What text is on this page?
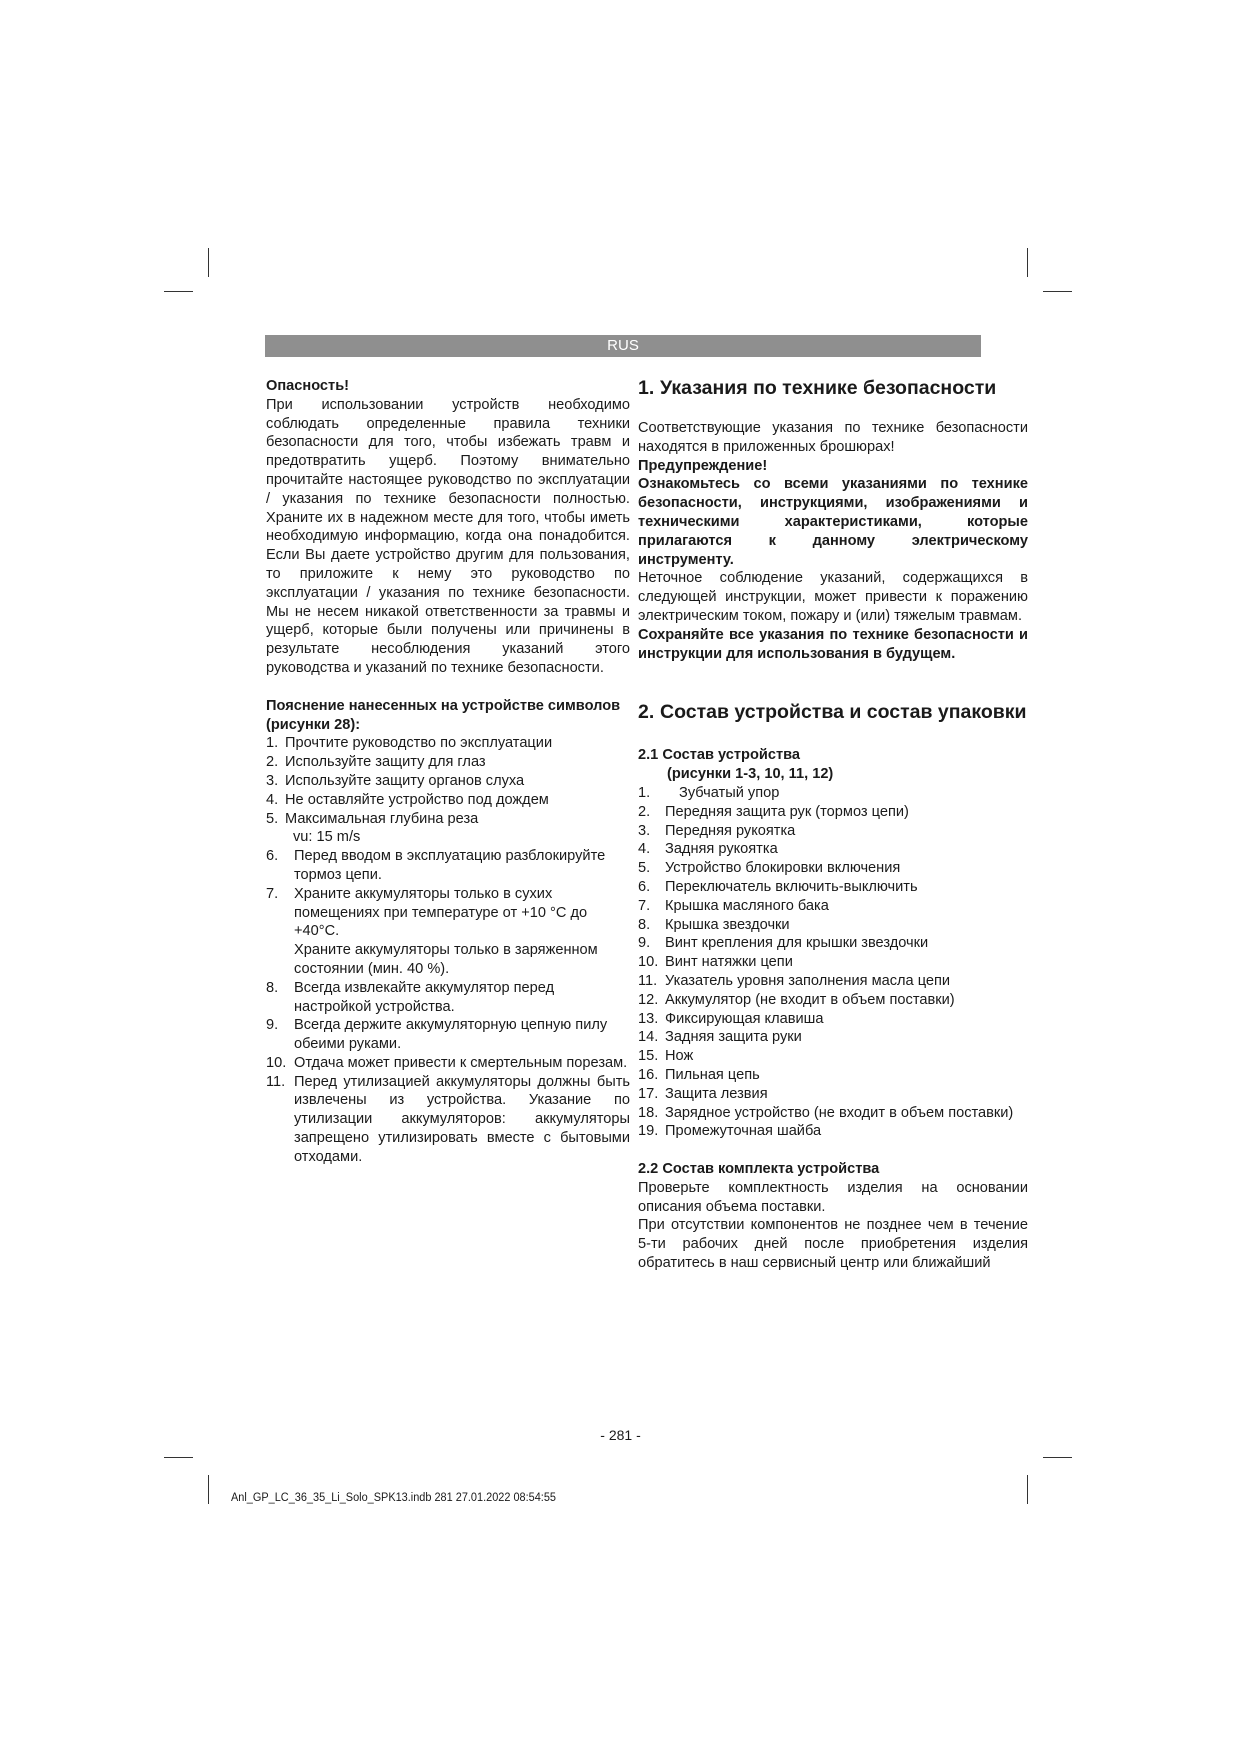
RUS

Опасность!

При использовании устройств необходимо соблюдать определенные правила техники безопасности для того, чтобы избежать травм и предотвратить ущерб. Поэтому внимательно прочитайте настоящее руководство по эксплуатации / указания по технике безопасности полностью. Храните их в надежном месте для того, чтобы иметь необходимую информацию, когда она понадобится. Если Вы даете устройство другим для пользования, то приложите к нему это руководство по эксплуатации / указания по технике безопасности. Мы не несем никакой ответственности за травмы и ущерб, которые были получены или причинены в результате несоблюдения указаний этого руководства и указаний по технике безопасности.

Пояснение нанесенных на устройстве символов (рисунки 28):

1. Прочтите руководство по эксплуатации
2. Используйте защиту для глаз
3. Используйте защиту органов слуха
4. Не оставляйте устройство под дождем
5. Максимальная глубина реза
vu: 15 m/s
6. Перед вводом в эксплуатацию разблокируйте тормоз цепи.
7. Храните аккумуляторы только в сухих помещениях при температуре от +10 °C до +40°C.
Храните аккумуляторы только в заряженном состоянии (мин. 40 %).
8. Всегда извлекайте аккумулятор перед настройкой устройства.
9. Всегда держите аккумуляторную цепную пилу обеими руками.
10. Отдача может привести к смертельным порезам.
11. Перед утилизацией аккумуляторы должны быть извлечены из устройства. Указание по утилизации аккумуляторов: аккумуляторы запрещено утилизировать вместе с бытовыми отходами.
1. Указания по технике безопасности

Соответствующие указания по технике безопасности находятся в приложенных брошюрах!

Предупреждение!

Ознакомьтесь со всеми указаниями по технике безопасности, инструкциями, изображениями и техническими характеристиками, которые прилагаются к данному электрическому инструменту.

Неточное соблюдение указаний, содержащихся в следующей инструкции, может привести к поражению электрическим током, пожару и (или) тяжелым травмам.

Сохраняйте все указания по технике безопасности и инструкции для использования в будущем.

2. Состав устройства и состав упаковки
2.1 Состав устройства
(рисунки 1-3, 10, 11, 12)
1. Зубчатый упор
2. Передняя защита рук (тормоз цепи)
3. Передняя рукоятка
4. Задняя рукоятка
5. Устройство блокировки включения
6. Переключатель включить-выключить
7. Крышка масляного бака
8. Крышка звездочки
9. Винт крепления для крышки звездочки
10. Винт натяжки цепи
11. Указатель уровня заполнения масла цепи
12. Аккумулятор (не входит в объем поставки)
13. Фиксирующая клавиша
14. Задняя защита руки
15. Нож
16. Пильная цепь
17. Защита лезвия
18. Зарядное устройство (не входит в объем поставки)
19. Промежуточная шайба

2.2 Состав комплекта устройства

Проверьте комплектность изделия на основании описания объема поставки.

При отсутствии компонентов не позднее чем в течение 5-ти рабочих дней после приобретения изделия обратитесь в наш сервисный центр или ближайший

- 281 -
Anl_GP_LC_36_35_Li_Solo_SPK13.indb 281 27.01.2022 08:54:55
